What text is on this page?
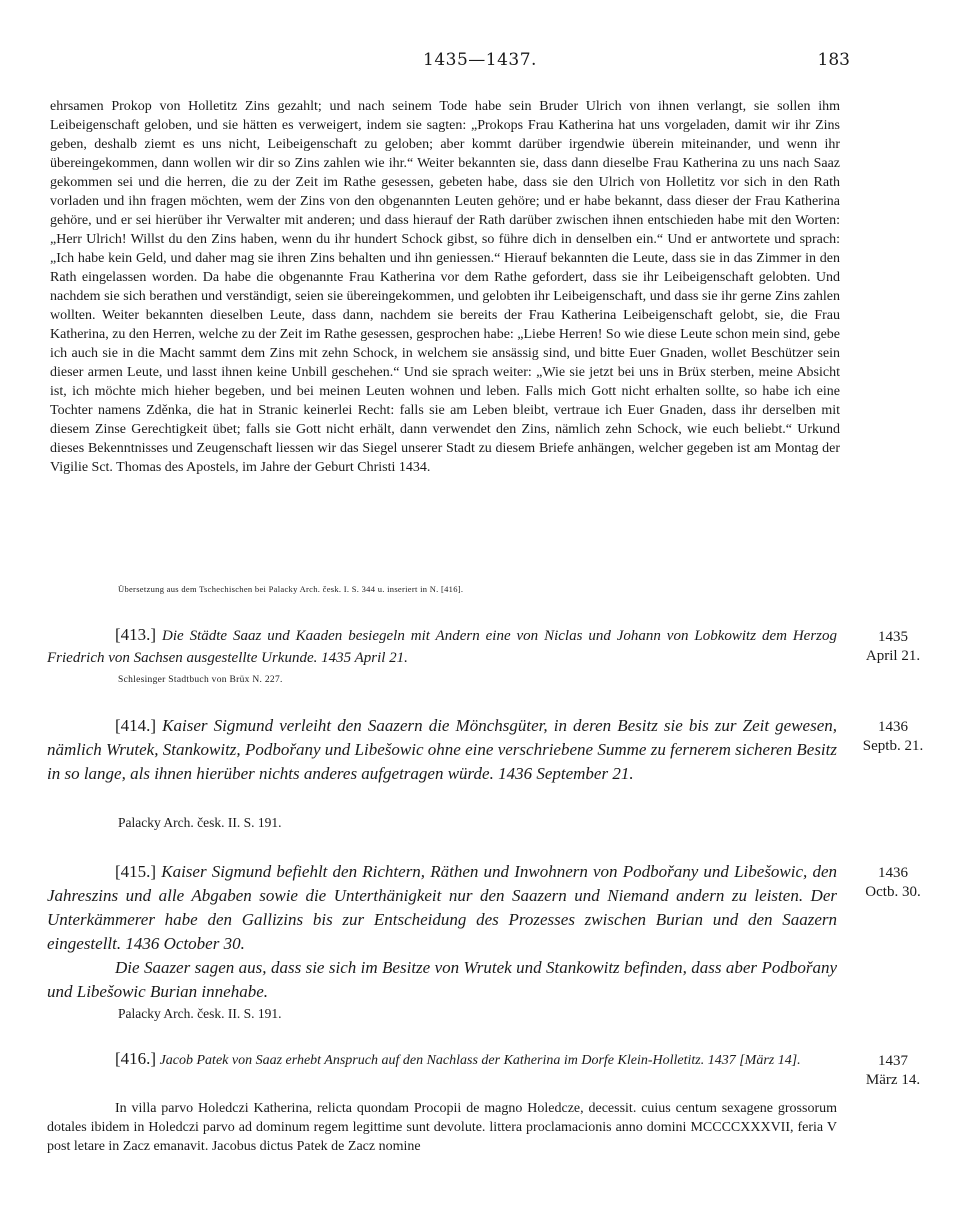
1435—1437.	183
ehrsamen Prokop von Holletitz Zins gezahlt; und nach seinem Tode habe sein Bruder Ulrich von ihnen verlangt, sie sollen ihm Leibeigenschaft geloben, und sie hätten es verweigert, indem sie sagten: „Prokops Frau Katherina hat uns vorgeladen, damit wir ihr Zins geben, deshalb ziemt es uns nicht, Leibeigenschaft zu geloben; aber kommt darüber irgendwie überein miteinander, und wenn ihr übereingekommen, dann wollen wir dir so Zins zahlen wie ihr.“ Weiter bekannten sie, dass dann dieselbe Frau Katherina zu uns nach Saaz gekommen sei und die herren, die zu der Zeit im Rathe gesessen, gebeten habe, dass sie den Ulrich von Holletitz vor sich in den Rath vorladen und ihn fragen möchten, wem der Zins von den obgenannten Leuten gehöre; und er habe bekannt, dass dieser der Frau Katherina gehöre, und er sei hierüber ihr Verwalter mit anderen; und dass hierauf der Rath darüber zwischen ihnen entschieden habe mit den Worten: „Herr Ulrich! Willst du den Zins haben, wenn du ihr hundert Schock gibst, so führe dich in denselben ein.“ Und er antwortete und sprach: „Ich habe kein Geld, und daher mag sie ihren Zins behalten und ihn geniessen.“ Hierauf bekannten die Leute, dass sie in das Zimmer in den Rath eingelassen worden. Da habe die obgenannte Frau Katherina vor dem Rathe gefordert, dass sie ihr Leibeigenschaft gelobten. Und nachdem sie sich berathen und verständigt, seien sie übereingekommen, und gelobten ihr Leibeigenschaft, und dass sie ihr gerne Zins zahlen wollten. Weiter bekannten dieselben Leute, dass dann, nachdem sie bereits der Frau Katherina Leibeigenschaft gelobt, sie, die Frau Katherina, zu den Herren, welche zu der Zeit im Rathe gesessen, gesprochen habe: „Liebe Herren! So wie diese Leute schon mein sind, gebe ich auch sie in die Macht sammt dem Zins mit zehn Schock, in welchem sie ansässig sind, und bitte Euer Gnaden, wollet Beschützer sein dieser armen Leute, und lasst ihnen keine Unbill geschehen.“ Und sie sprach weiter: „Wie sie jetzt bei uns in Brüx sterben, meine Absicht ist, ich möchte mich hieher begeben, und bei meinen Leuten wohnen und leben. Falls mich Gott nicht erhalten sollte, so habe ich eine Tochter namens Zděnka, die hat in Stranic keinerlei Recht: falls sie am Leben bleibt, vertraue ich Euer Gnaden, dass ihr derselben mit diesem Zinse Gerechtigkeit übet; falls sie Gott nicht erhält, dann verwendet den Zins, nämlich zehn Schock, wie euch beliebt.“ Urkund dieses Bekenntnisses und Zeugenschaft liessen wir das Siegel unserer Stadt zu diesem Briefe anhängen, welcher gegeben ist am Montag der Vigilie Sct. Thomas des Apostels, im Jahre der Geburt Christi 1434.
Übersetzung aus dem Tschechischen bei Palacky Arch. česk. I. S. 344 u. inseriert in N. [416].
[413.] Die Städte Saaz und Kaaden besiegeln mit Andern eine von Niclas und Johann von Lobkowitz dem Herzog Friedrich von Sachsen ausgestellte Urkunde. 1435 April 21.
1435
April 21.
Schlesinger Stadtbuch von Brüx N. 227.
[414.] Kaiser Sigmund verleiht den Saazern die Mönchsgüter, in deren Besitz sie bis zur Zeit gewesen, nämlich Wrutek, Stankowitz, Podbořany und Libešowic ohne eine verschriebene Summe zu fernerem sicheren Besitz in so lange, als ihnen hierüber nichts anderes aufgetragen würde. 1436 September 21.
1436
Septb. 21.
Palacky Arch. česk. II. S. 191.
[415.] Kaiser Sigmund befiehlt den Richtern, Räthen und Inwohnern von Podbořany und Libešowic, den Jahreszins und alle Abgaben sowie die Unterthänigkeit nur den Saazern und Niemand andern zu leisten. Der Unterkämmerer habe den Gallizins bis zur Entscheidung des Prozesses zwischen Burian und den Saazern eingestellt. 1436 October 30.
Die Saazer sagen aus, dass sie sich im Besitze von Wrutek und Stankowitz befinden, dass aber Podbořany und Libešowic Burian innehabe.
1436
Octb. 30.
Palacky Arch. česk. II. S. 191.
[416.] Jacob Patek von Saaz erhebt Anspruch auf den Nachlass der Katherina im Dorfe Klein-Holletitz. 1437 [März 14].	1437
März 14.
In villa parvo Holedczi Katherina, relicta quondam Procopii de magno Holedcze, decessit. cuius centum sexagene grossorum dotales ibidem in Holedczi parvo ad dominum regem legittime sunt devolute. littera proclamacionis anno domini MCCCCXXXVII, feria V post letare in Zacz emanavit. Jacobus dictus Patek de Zacz nomine
